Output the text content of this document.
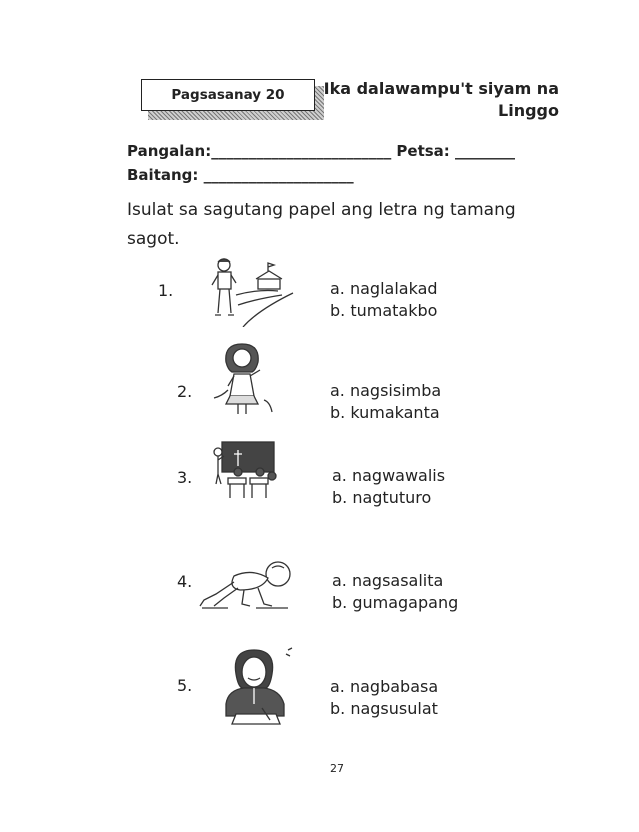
Pagsasanay 20 Ika dalawampu't siyam na
Linggo
Pangalan:________________________ Petsa: ________
Baitang: ____________________
Isulat sa sagutang papel ang letra ng tamang sagot.
1.	a. naglalakad
b. tumatakbo
2.	a. nagsisimba
b. kumakanta
3.	a. nagwawalis
b. nagtuturo
4.	a. nagsasalita
b. gumagapang
5.	a. nagbabasa
b. nagsusulat
27
